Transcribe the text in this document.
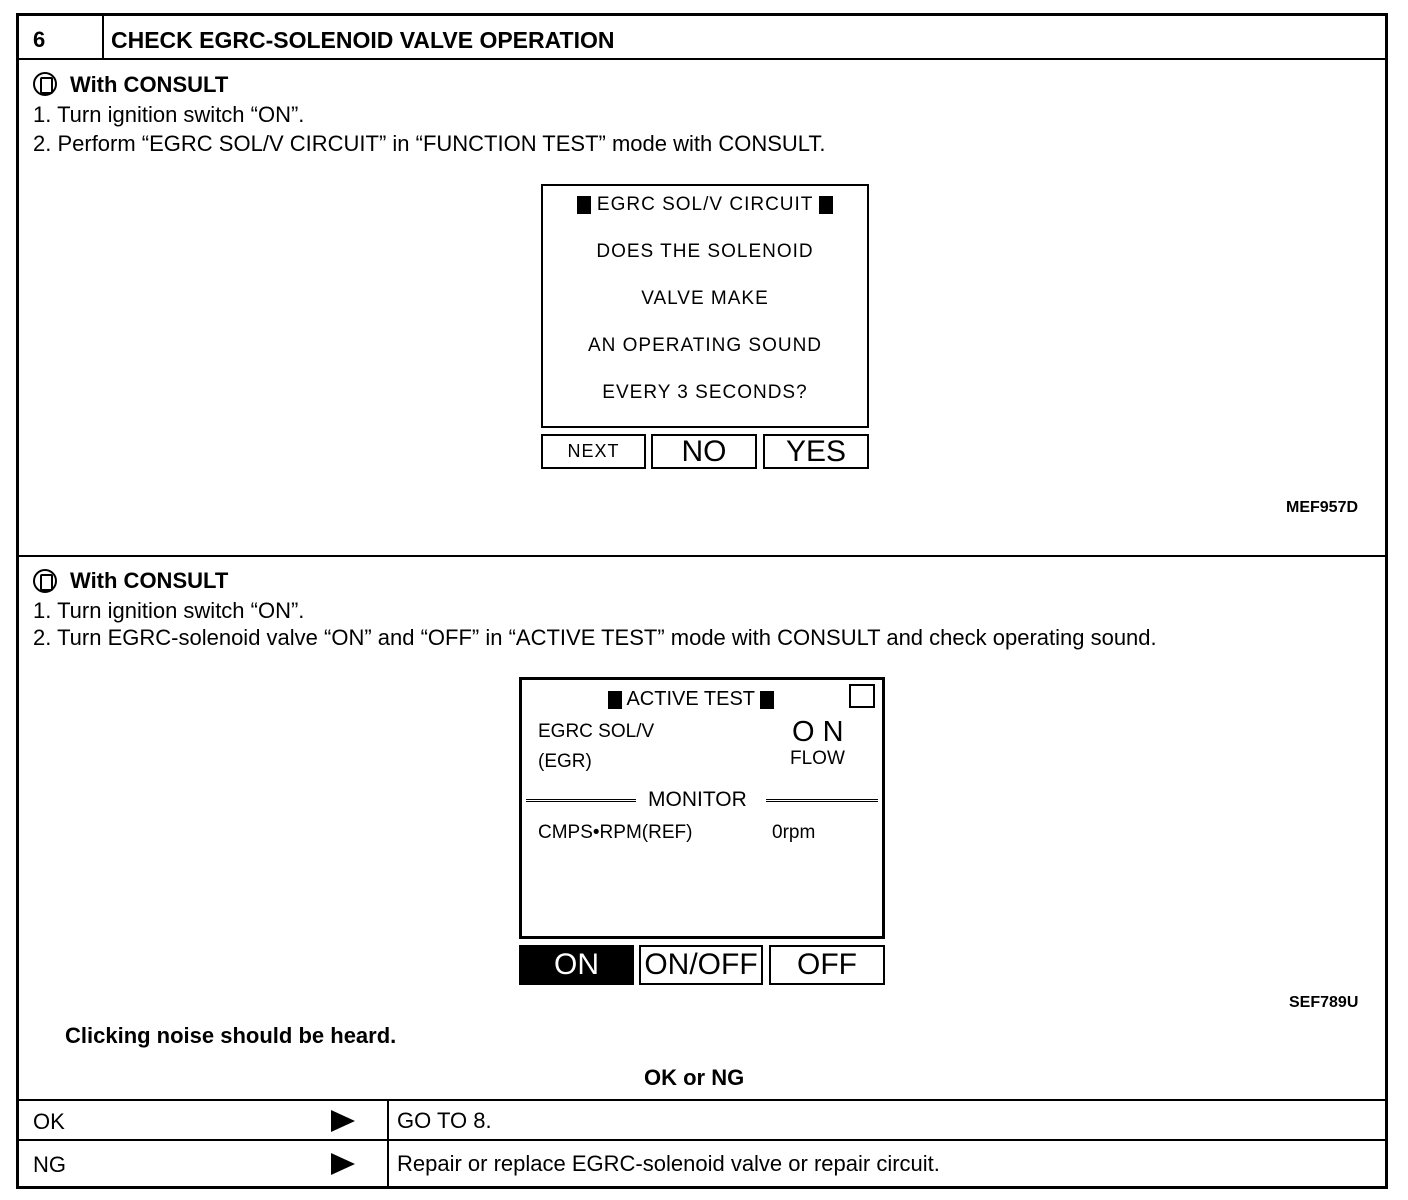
6	CHECK EGRC-SOLENOID VALVE OPERATION
With CONSULT
1. Turn ignition switch “ON”.
2. Perform “EGRC SOL/V CIRCUIT” in “FUNCTION TEST” mode with CONSULT.
EGRC SOL/V CIRCUIT
DOES THE SOLENOID
VALVE MAKE
AN OPERATING SOUND
EVERY 3 SECONDS?
NEXT	NO	YES
MEF957D
With CONSULT
1. Turn ignition switch “ON”.
2. Turn EGRC-solenoid valve “ON” and “OFF” in “ACTIVE TEST” mode with CONSULT and check operating sound.
ACTIVE TEST
EGRC SOL/V
(EGR)
O N
FLOW
MONITOR
CMPS•RPM(REF)	0rpm
ON	ON/OFF	OFF
SEF789U
Clicking noise should be heard.
OK or NG
OK	GO TO 8.
NG	Repair or replace EGRC-solenoid valve or repair circuit.
